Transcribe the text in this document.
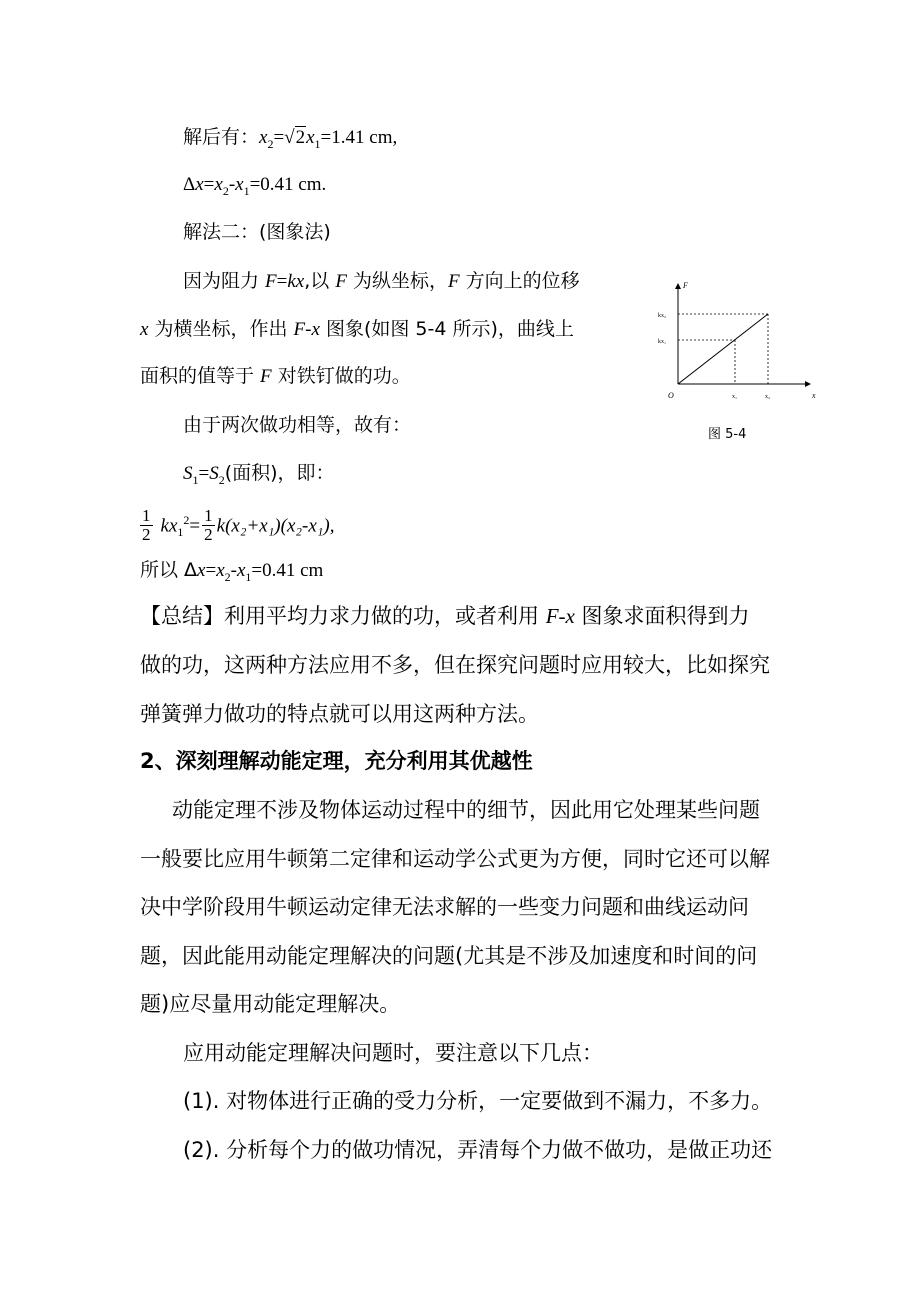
解后有：$x_2=√2x_1=1.41$ cm,
$\Delta x=x_2-x_1=0.41$ cm.
解法二：(图象法)
因为阻力 F=kx,以 F 为纵坐标，F 方向上的位移
x 为横坐标，作出 F-x 图象(如图 5-4 所示)，曲线上
面积的值等于 F 对铁钉做的功。
由于两次做功相等，故有：
$S_1=S_2$(面积)，即：
$\frac{1}{2} kx_1^2= \frac{1}{2} k(x_2+x_1)(x_2-x_1)$,
所以 $\Delta x=x_2-x_1=0.41$ cm
【总结】利用平均力求力做的功，或者利用 F-x 图象求面积得到力
做的功，这两种方法应用不多，但在探究问题时应用较大，比如探究
弹簧弹力做功的特点就可以用这两种方法。
2、深刻理解动能定理，充分利用其优越性
动能定理不涉及物体运动过程中的细节，因此用它处理某些问题
一般要比应用牛顿第二定律和运动学公式更为方便，同时它还可以解
决中学阶段用牛顿运动定律无法求解的一些变力问题和曲线运动问
题，因此能用动能定理解决的问题(尤其是不涉及加速度和时间的问
题)应尽量用动能定理解决。
应用动能定理解决问题时，要注意以下几点：
(1). 对物体进行正确的受力分析，一定要做到不漏力，不多力。
(2). 分析每个力的做功情况，弄清每个力做不做功，是做正功还
F
x
O
kx₂
kx₁
x₁	x₂
图 5-4
